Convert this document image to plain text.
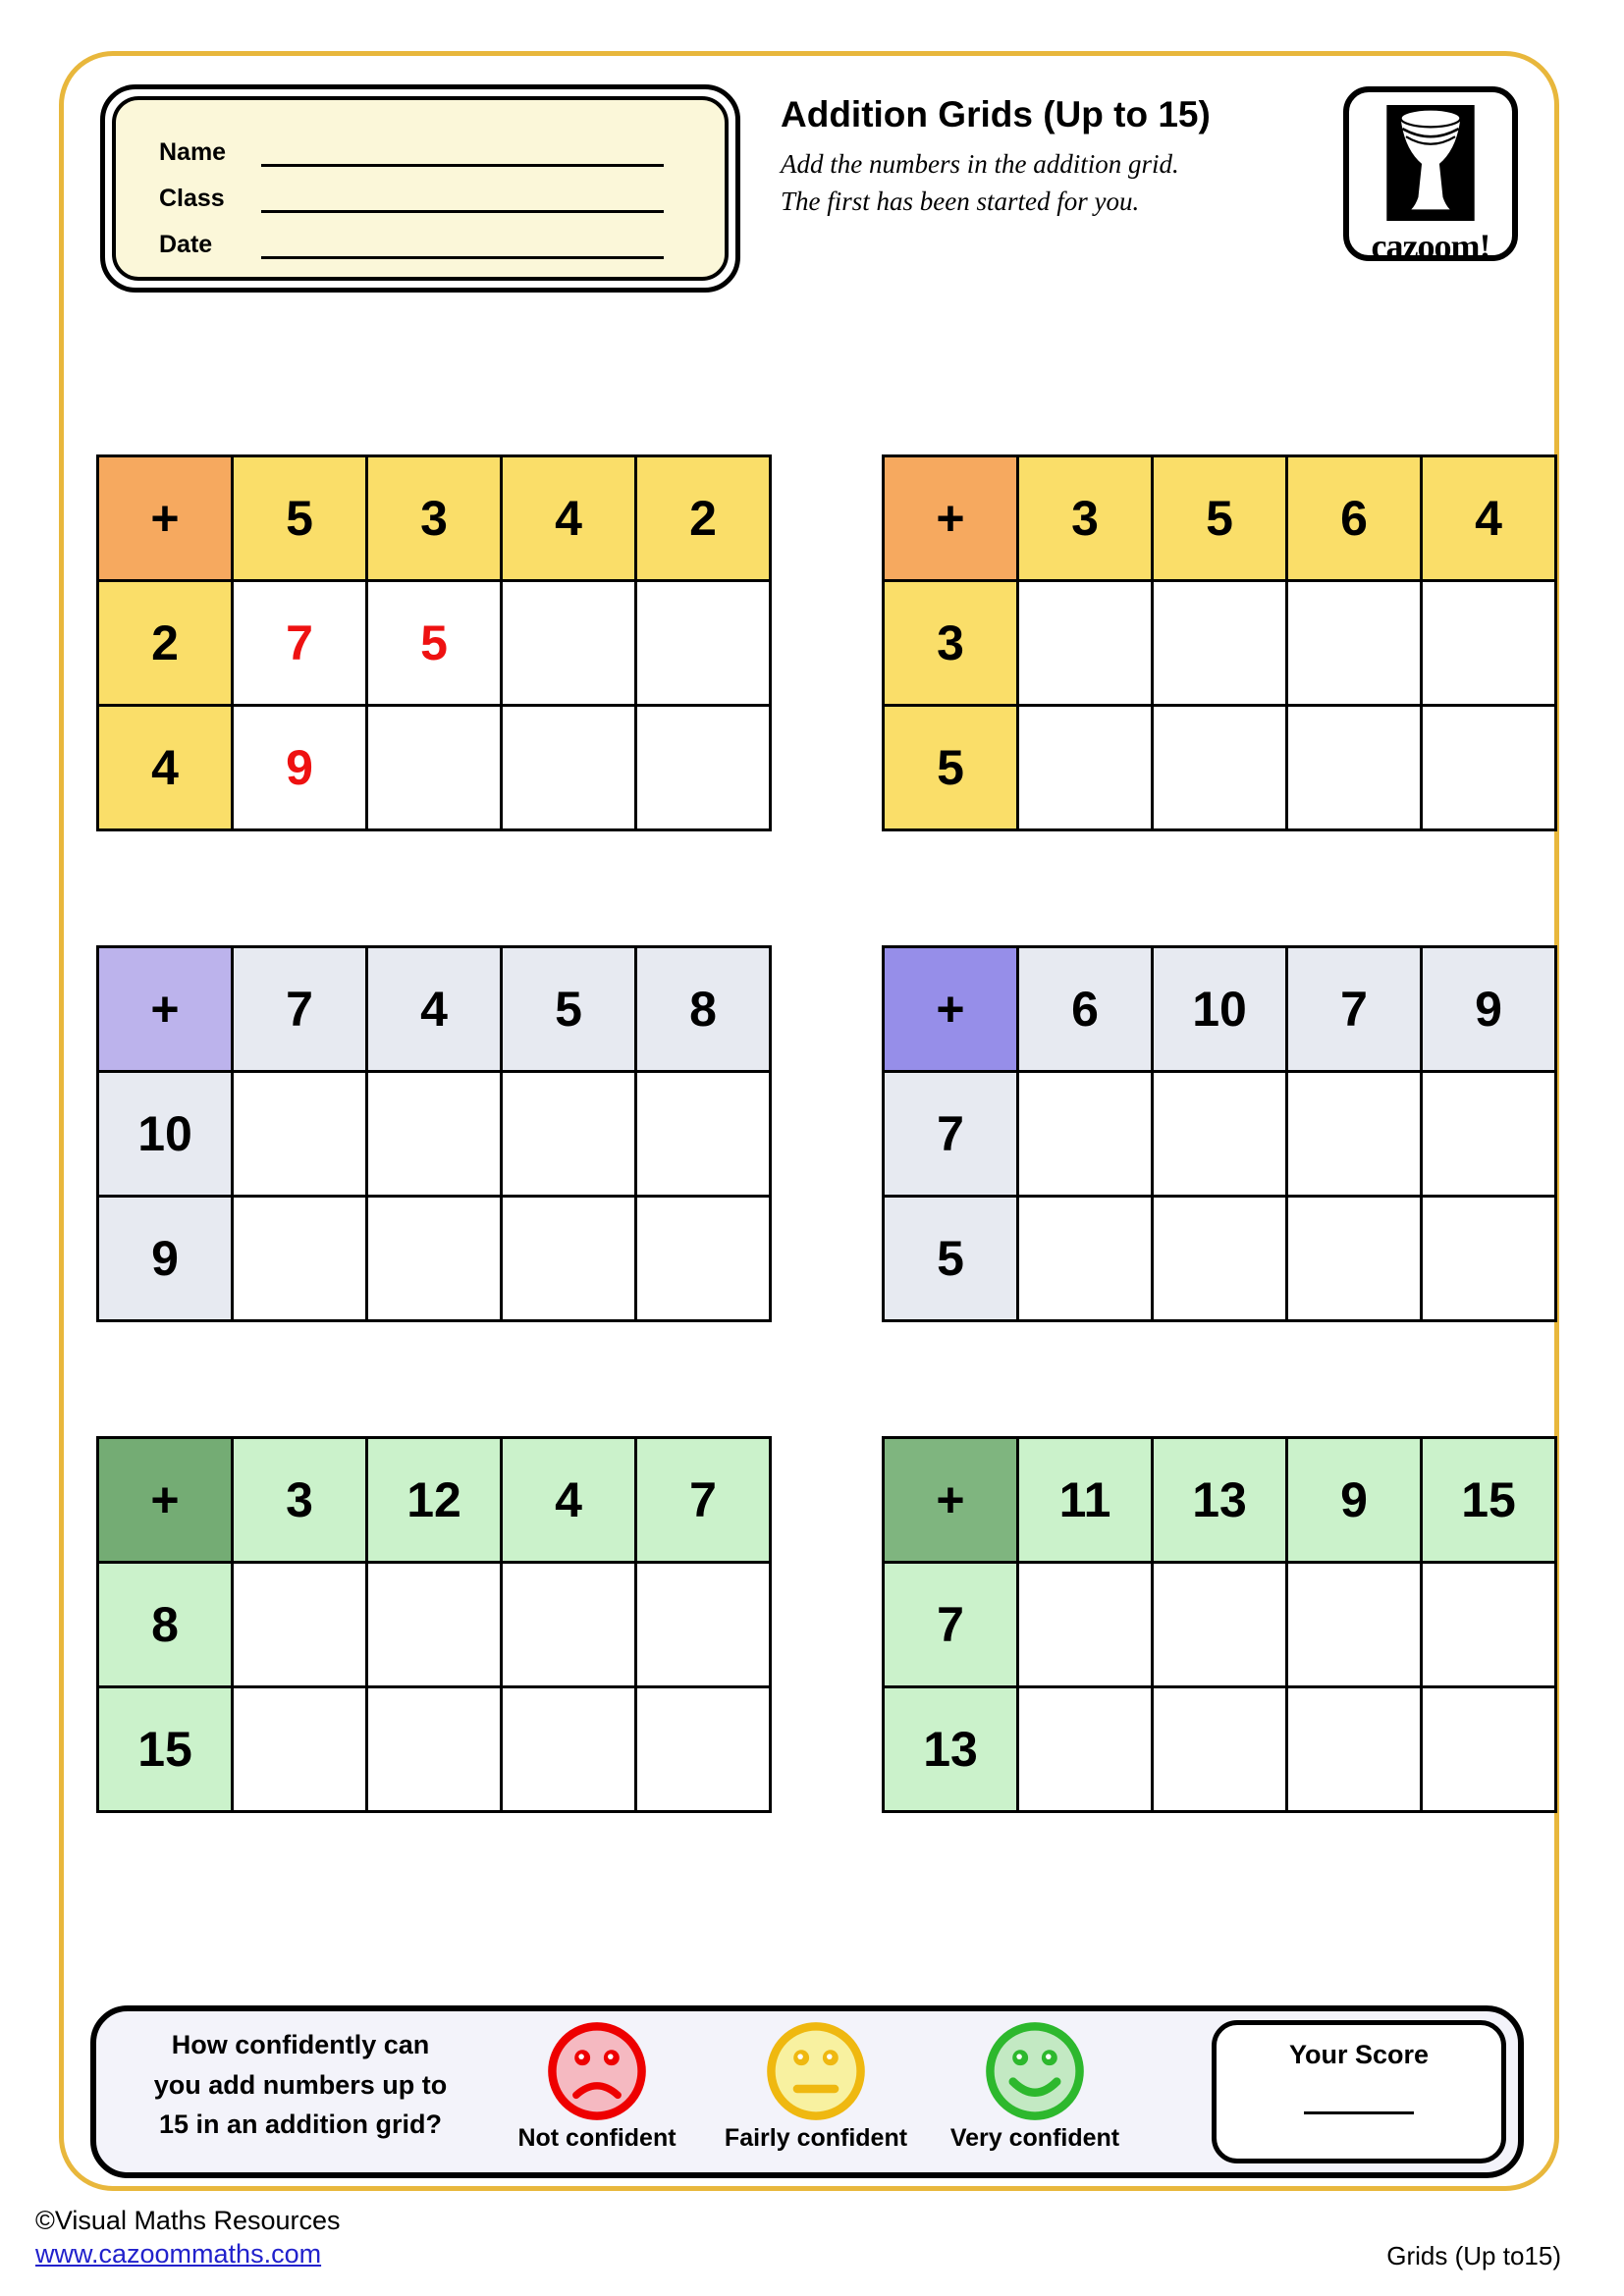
Name
Class
Date
Addition Grids (Up to 15)
Add the numbers in the addition grid.
The first has been started for you.
cazoom!
+	5	3	4	2
2	7	5		
4	9			
+	3	5	6	4
3				
5				
+	7	4	5	8
10				
9				
+	6	10	7	9
7				
5				
+	3	12	4	7
8				
15				
+	11	13	9	15
7				
13				
How confidently can
you add numbers up to
15 in an addition grid?	Not confident Fairly confident Very confident
Your Score
©Visual Maths Resources
www.cazoommaths.com	Grids (Up to15)
